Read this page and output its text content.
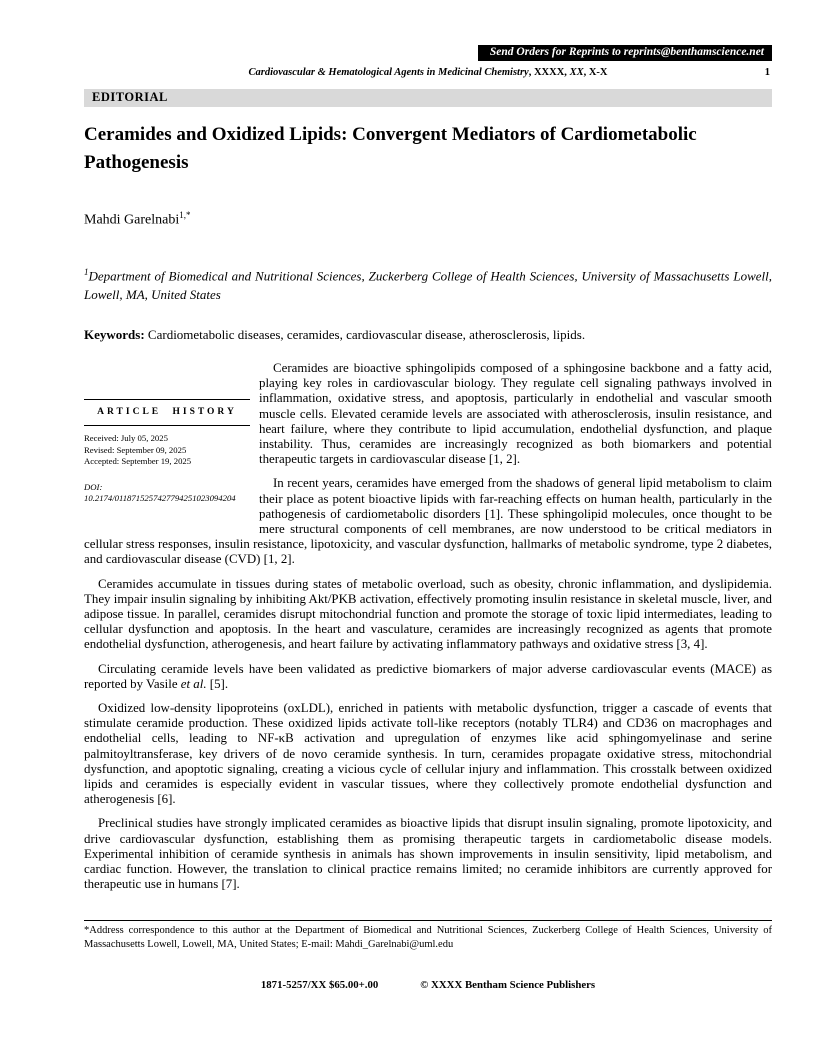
Send Orders for Reprints to reprints@benthamscience.net
Cardiovascular & Hematological Agents in Medicinal Chemistry, XXXX, XX, X-X	1
EDITORIAL
Ceramides and Oxidized Lipids: Convergent Mediators of Cardiometabolic Pathogenesis
Mahdi Garelnabi$^{1,*}$
$^1$Department of Biomedical and Nutritional Sciences, Zuckerberg College of Health Sciences, University of Massachusetts Lowell, Lowell, MA, United States
Keywords: Cardiometabolic diseases, ceramides, cardiovascular disease, atherosclerosis, lipids.
ARTICLE HISTORY
Received: July 05, 2025
Revised: September 09, 2025
Accepted: September 19, 2025
DOI:
10.2174/0118715257427794251023094204

Ceramides are bioactive sphingolipids composed of a sphingosine backbone and a fatty acid, playing key roles in cardiovascular biology. They regulate cell signaling pathways involved in inflammation, oxidative stress, and apoptosis, particularly in endothelial and vascular smooth muscle cells. Elevated ceramide levels are associated with atherosclerosis, insulin resistance, and heart failure, where they contribute to lipid accumulation, endothelial dysfunction, and plaque instability. Thus, ceramides are increasingly recognized as both biomarkers and potential therapeutic targets in cardiovascular disease [1, 2].

In recent years, ceramides have emerged from the shadows of general lipid metabolism to claim their place as potent bioactive lipids with far-reaching effects on human health, particularly in the pathogenesis of cardiometabolic disorders [1]. These sphingolipid molecules, once thought to be mere structural components of cell membranes, are now understood to be critical mediators in cellular stress responses, insulin resistance, lipotoxicity, and vascular dysfunction, hallmarks of metabolic syndrome, type 2 diabetes, and cardiovascular disease (CVD) [1, 2].

Ceramides accumulate in tissues during states of metabolic overload, such as obesity, chronic inflammation, and dyslipidemia. They impair insulin signaling by inhibiting Akt/PKB activation, effectively promoting insulin resistance in skeletal muscle, liver, and adipose tissue. In parallel, ceramides disrupt mitochondrial function and promote the storage of toxic lipid intermediates, leading to cellular dysfunction and apoptosis. In the heart and vasculature, ceramides are increasingly recognized as agents that promote endothelial dysfunction, atherogenesis, and heart failure by activating inflammatory pathways and oxidative stress [3, 4].

Circulating ceramide levels have been validated as predictive biomarkers of major adverse cardiovascular events (MACE) as reported by Vasile et al. [5].

Oxidized low-density lipoproteins (oxLDL), enriched in patients with metabolic dysfunction, trigger a cascade of events that stimulate ceramide production. These oxidized lipids activate toll-like receptors (notably TLR4) and CD36 on macrophages and endothelial cells, leading to NF-κB activation and upregulation of enzymes like acid sphingomyelinase and serine palmitoyltransferase, key drivers of de novo ceramide synthesis. In turn, ceramides propagate oxidative stress, mitochondrial dysfunction, and apoptotic signaling, creating a vicious cycle of cellular injury and inflammation. This crosstalk between oxidized lipids and ceramides is especially evident in vascular tissues, where they collectively promote endothelial dysfunction and atherogenesis [6].

Preclinical studies have strongly implicated ceramides as bioactive lipids that disrupt insulin signaling, promote lipotoxicity, and drive cardiovascular dysfunction, establishing them as promising therapeutic targets in cardiometabolic disease models. Experimental inhibition of ceramide synthesis in animals has shown improvements in insulin sensitivity, lipid metabolism, and cardiac function. However, the translation to clinical practice remains limited; no ceramide inhibitors are currently approved for therapeutic use in humans [7].

*Address correspondence to this author at the Department of Biomedical and Nutritional Sciences, Zuckerberg College of Health Sciences, University of Massachusetts Lowell, Lowell, MA, United States; E-mail: Mahdi_Garelnabi@uml.edu
1871-5257/XX $65.00+.00	© XXXX Bentham Science Publishers
